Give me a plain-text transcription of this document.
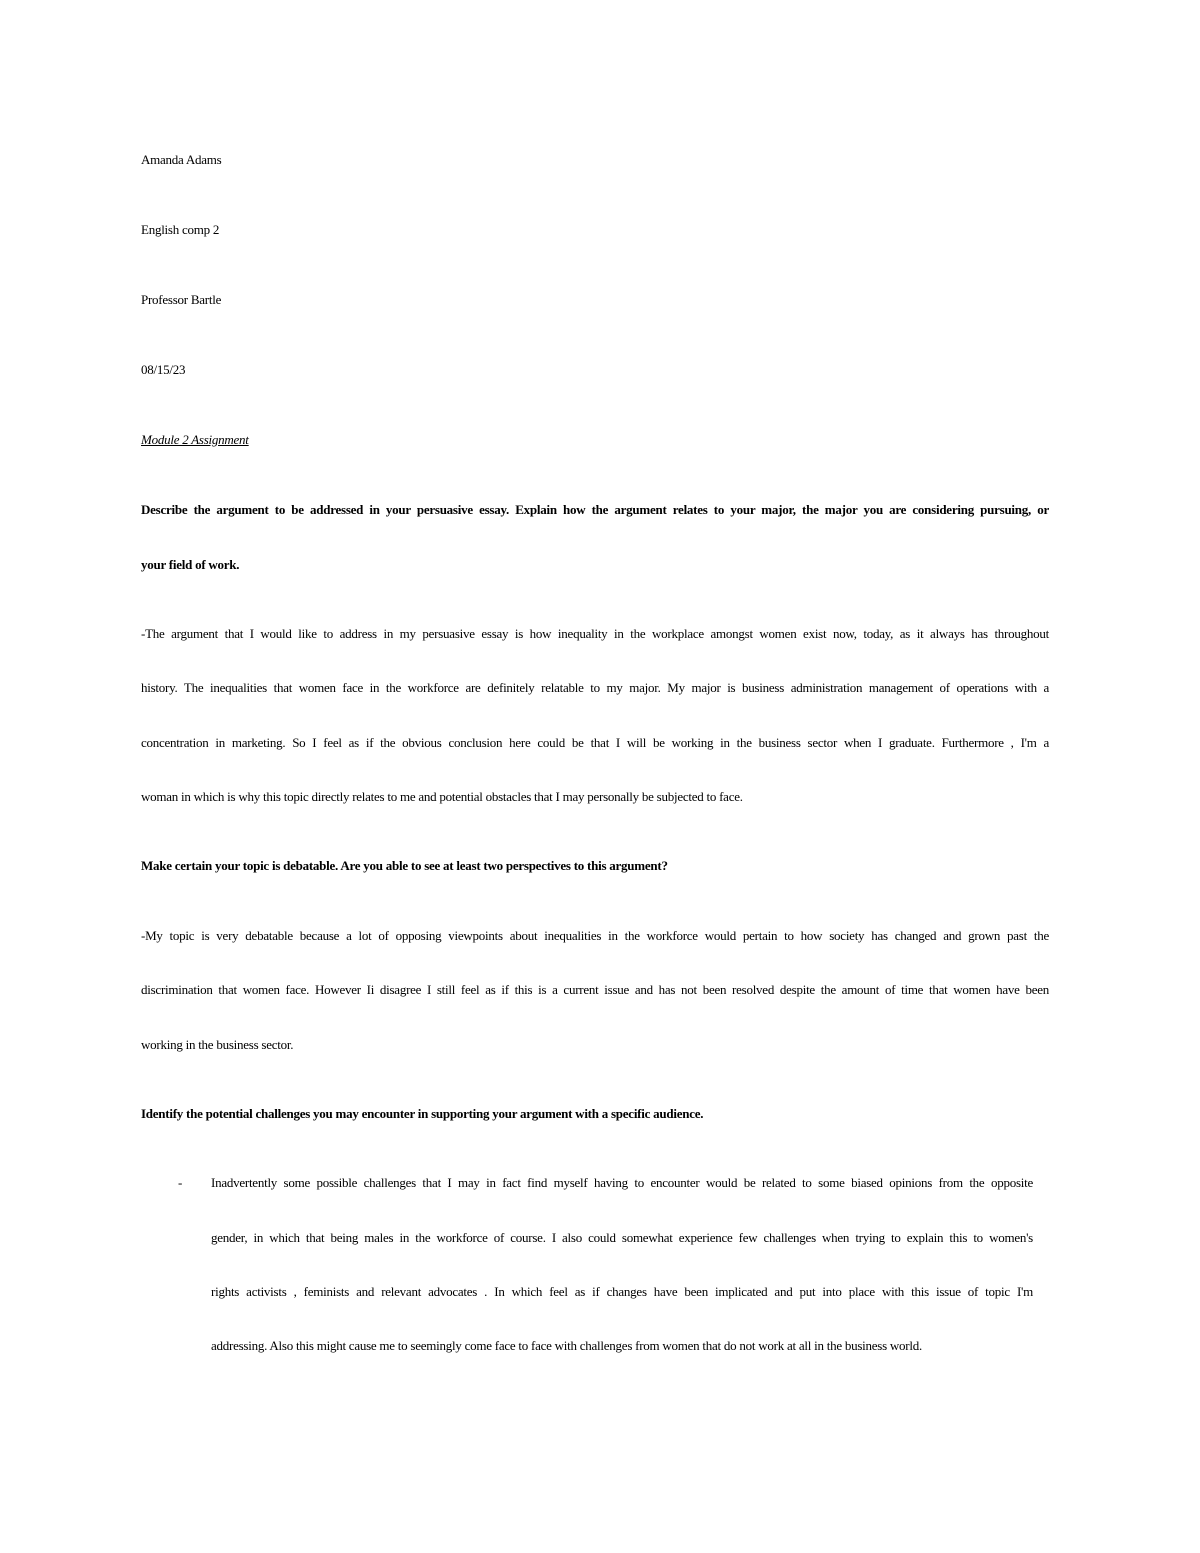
Amanda Adams
English comp 2
Professor Bartle
08/15/23
Module 2 Assignment
Describe the argument to be addressed in your persuasive essay. Explain how the argument relates to your major, the major you are considering pursuing, or
your field of work.
-The argument that I would like to address in my persuasive essay is how inequality in the workplace amongst women exist now, today, as it always has throughout
history. The inequalities that women face in the workforce are definitely relatable to my major. My major is business administration management of operations with a
concentration in marketing. So I feel as if the obvious conclusion here could be that I will be working in the business sector when I graduate. Furthermore , I'm a
woman in which is why this topic directly relates to me and potential obstacles that I may personally be subjected to face.
Make certain your topic is debatable. Are you able to see at least two perspectives to this argument?
-My topic is very debatable because a lot of opposing viewpoints about inequalities in the workforce would pertain to how society has changed and grown past the
discrimination that women face. However Ii disagree I still feel as if this is a current issue and has not been resolved despite the amount of time that women have been
working in the business sector.
Identify the potential challenges you may encounter in supporting your argument with a specific audience.
- Inadvertently some possible challenges that I may in fact find myself having to encounter would be related to some biased opinions from the opposite
gender, in which that being males in the workforce of course. I also could somewhat experience few challenges when trying to explain this to women's
rights activists , feminists and relevant advocates . In which feel as if changes have been implicated and put into place with this issue of topic I'm
addressing. Also this might cause me to seemingly come face to face with challenges from women that do not work at all in the business world.
